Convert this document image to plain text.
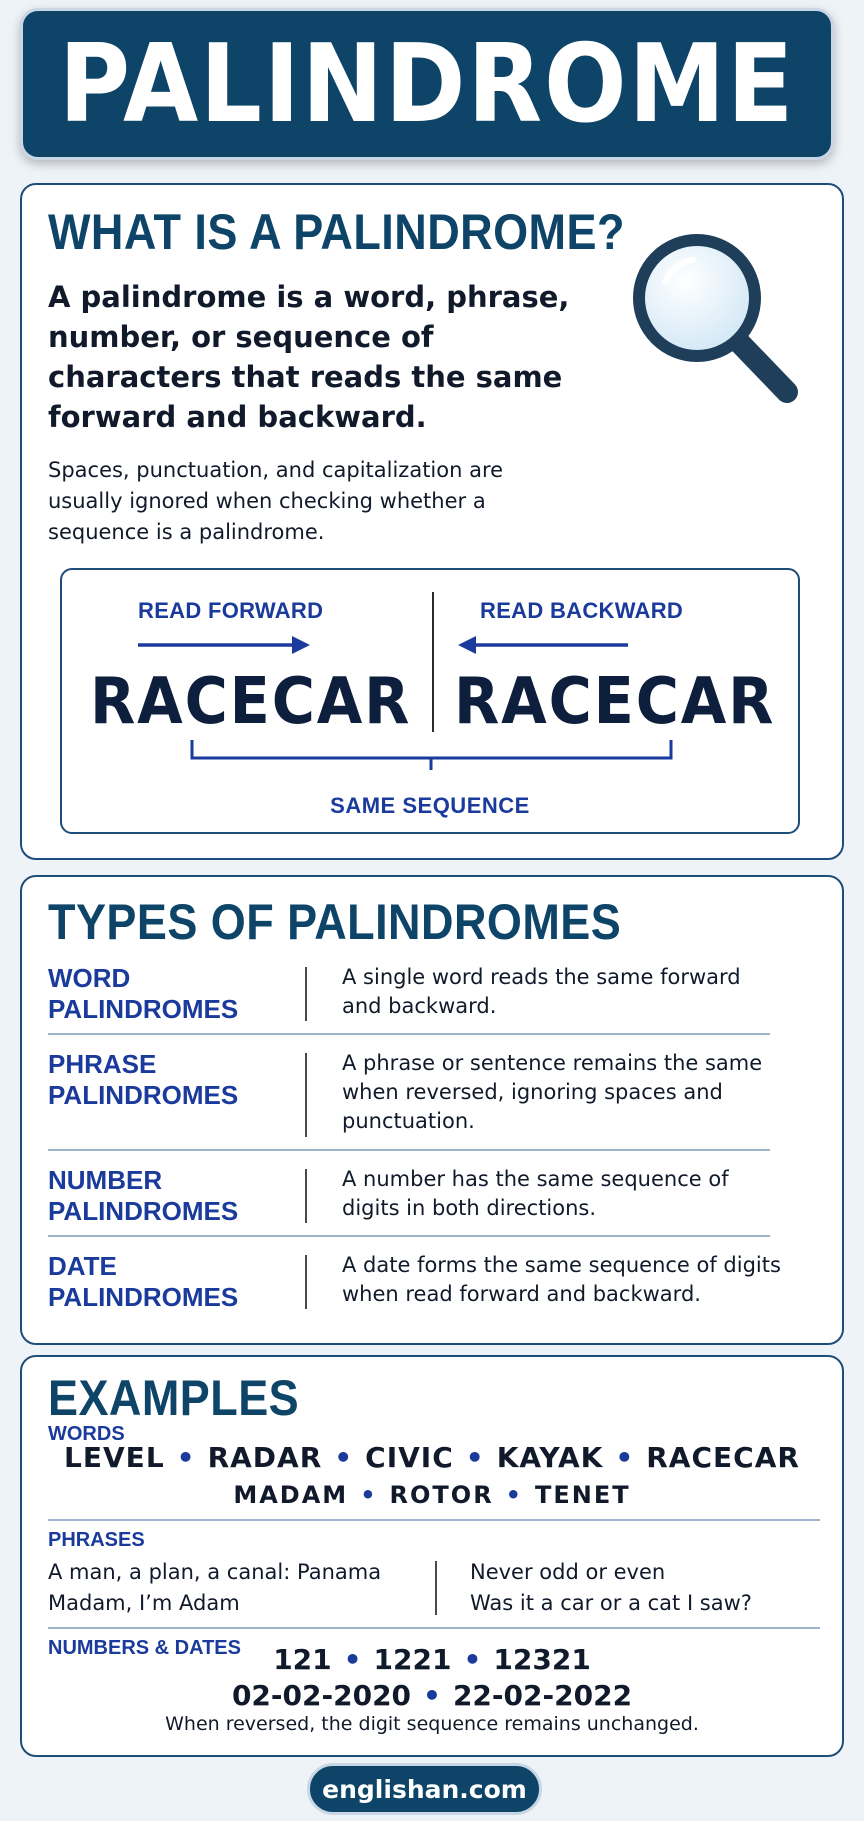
PALINDROME
WHAT IS A PALINDROME?
A palindrome is a word, phrase, number, or sequence of characters that reads the same forward and backward.
Spaces, punctuation, and capitalization are usually ignored when checking whether a sequence is a palindrome.
READ FORWARD	READ BACKWARD
RACECAR RACECAR
SAME SEQUENCE
TYPES OF PALINDROMES
WORD
PALINDROMES
A single word reads the same forward and backward.
PHRASE
PALINDROMES
A phrase or sentence remains the same when reversed, ignoring spaces and punctuation.
NUMBER
PALINDROMES
A number has the same sequence of digits in both directions.
DATE
PALINDROMES
A date forms the same sequence of digits when read forward and backward.
EXAMPLES
WORDS
LEVEL • RADAR • CIVIC • KAYAK • RACECAR
MADAM • ROTOR • TENET
PHRASES
A man, a plan, a canal: Panama
Madam, I’m Adam
Never odd or even
Was it a car or a cat I saw?
NUMBERS & DATES	121 • 1221 • 12321
02-02-2020 • 22-02-2022
When reversed, the digit sequence remains unchanged.
englishan.com
